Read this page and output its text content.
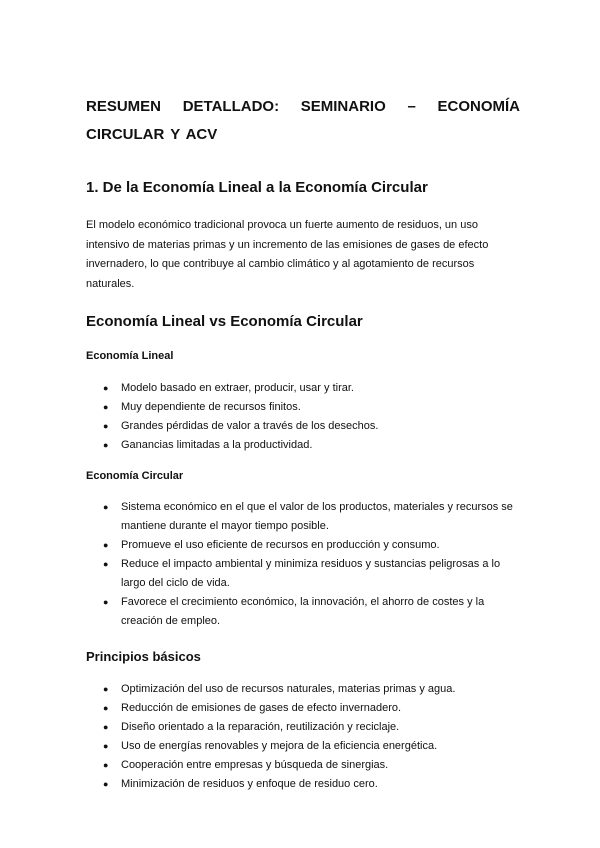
RESUMEN DETALLADO: SEMINARIO – ECONOMÍA CIRCULAR Y ACV
1. De la Economía Lineal a la Economía Circular

El modelo económico tradicional provoca un fuerte aumento de residuos, un uso intensivo de materias primas y un incremento de las emisiones de gases de efecto invernadero, lo que contribuye al cambio climático y al agotamiento de recursos naturales.

Economía Lineal vs Economía Circular
Economía Lineal
● Modelo basado en extraer, producir, usar y tirar.
● Muy dependiente de recursos finitos.
● Grandes pérdidas de valor a través de los desechos.
● Ganancias limitadas a la productividad.
Economía Circular
● Sistema económico en el que el valor de los productos, materiales y recursos se mantiene durante el mayor tiempo posible.
● Promueve el uso eficiente de recursos en producción y consumo.
● Reduce el impacto ambiental y minimiza residuos y sustancias peligrosas a lo largo del ciclo de vida.
● Favorece el crecimiento económico, la innovación, el ahorro de costes y la creación de empleo.
Principios básicos
● Optimización del uso de recursos naturales, materias primas y agua.
● Reducción de emisiones de gases de efecto invernadero.
● Diseño orientado a la reparación, reutilización y reciclaje.
● Uso de energías renovables y mejora de la eficiencia energética.
● Cooperación entre empresas y búsqueda de sinergias.
● Minimización de residuos y enfoque de residuo cero.
